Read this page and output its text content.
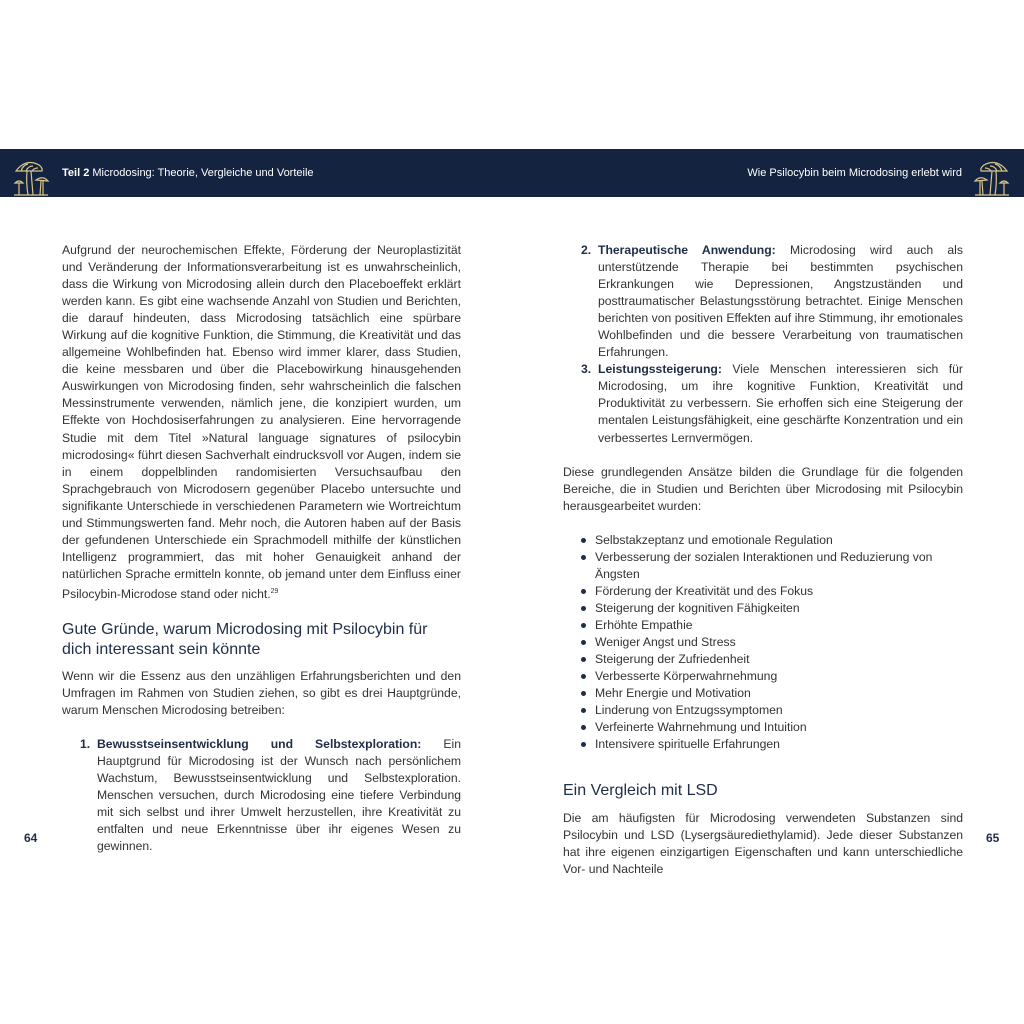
Teil 2 Microdosing: Theorie, Vergleiche und Vorteile	Wie Psilocybin beim Microdosing erlebt wird

Aufgrund der neurochemischen Effekte, Förderung der Neuroplastizität und Veränderung der Informationsverarbeitung ist es unwahrscheinlich, dass die Wirkung von Microdosing allein durch den Placeboeffekt erklärt werden kann. Es gibt eine wachsende Anzahl von Studien und Berichten, die darauf hindeuten, dass Microdosing tatsächlich eine spürbare Wirkung auf die kognitive Funktion, die Stimmung, die Kreativität und das allgemeine Wohlbefinden hat. Ebenso wird immer klarer, dass Studien, die keine messbaren und über die Placebowirkung hinausgehenden Auswirkungen von Microdosing finden, sehr wahrscheinlich die falschen Messinstrumente verwenden, nämlich jene, die konzipiert wurden, um Effekte von Hochdosiserfahrungen zu analysieren. Eine hervorragende Studie mit dem Titel »Natural language signatures of psilocybin microdosing« führt diesen Sachverhalt eindrucksvoll vor Augen, indem sie in einem doppelblinden randomisierten Versuchsaufbau den Sprachgebrauch von Microdosern gegenüber Placebo untersuchte und signifikante Unterschiede in verschiedenen Parametern wie Wortreichtum und Stimmungswerten fand. Mehr noch, die Autoren haben auf der Basis der gefundenen Unterschiede ein Sprachmodell mithilfe der künstlichen Intelligenz programmiert, das mit hoher Genauigkeit anhand der natürlichen Sprache ermitteln konnte, ob jemand unter dem Einfluss einer Psilocybin-Microdose stand oder nicht.$^{29}$

Gute Gründe, warum Microdosing mit Psilocybin für dich interessant sein könnte

Wenn wir die Essenz aus den unzähligen Erfahrungsberichten und den Umfragen im Rahmen von Studien ziehen, so gibt es drei Hauptgründe, warum Menschen Microdosing betreiben:

1. Bewusstseinsentwicklung und Selbstexploration: Ein Hauptgrund für Microdosing ist der Wunsch nach persönlichem Wachstum, Bewusstseinsentwicklung und Selbstexploration. Menschen versuchen, durch Microdosing eine tiefere Verbindung mit sich selbst und ihrer Umwelt herzustellen, ihre Kreativität zu entfalten und neue Erkenntnisse über ihr eigenes Wesen zu gewinnen.
64
2. Therapeutische Anwendung: Microdosing wird auch als unterstützende Therapie bei bestimmten psychischen Erkrankungen wie Depressionen, Angstzuständen und posttraumatischer Belastungsstörung betrachtet. Einige Menschen berichten von positiven Effekten auf ihre Stimmung, ihr emotionales Wohlbefinden und die bessere Verarbeitung von traumatischen Erfahrungen.
3. Leistungssteigerung: Viele Menschen interessieren sich für Microdosing, um ihre kognitive Funktion, Kreativität und Produktivität zu verbessern. Sie erhoffen sich eine Steigerung der mentalen Leistungsfähigkeit, eine geschärfte Konzentration und ein verbessertes Lernvermögen.

Diese grundlegenden Ansätze bilden die Grundlage für die folgenden Bereiche, die in Studien und Berichten über Microdosing mit Psilocybin herausgearbeitet wurden:

Selbstakzeptanz und emotionale Regulation
Verbesserung der sozialen Interaktionen und Reduzierung von Ängsten
Förderung der Kreativität und des Fokus
Steigerung der kognitiven Fähigkeiten
Erhöhte Empathie
Weniger Angst und Stress
Steigerung der Zufriedenheit
Verbesserte Körperwahrnehmung
Mehr Energie und Motivation
Linderung von Entzugssymptomen
Verfeinerte Wahrnehmung und Intuition
Intensivere spirituelle Erfahrungen
Ein Vergleich mit LSD

Die am häufigsten für Microdosing verwendeten Substanzen sind Psilocybin und LSD (Lysergsäurediethylamid). Jede dieser Substanzen hat ihre eigenen einzigartigen Eigenschaften und kann unterschiedliche Vor- und Nachteile

65
